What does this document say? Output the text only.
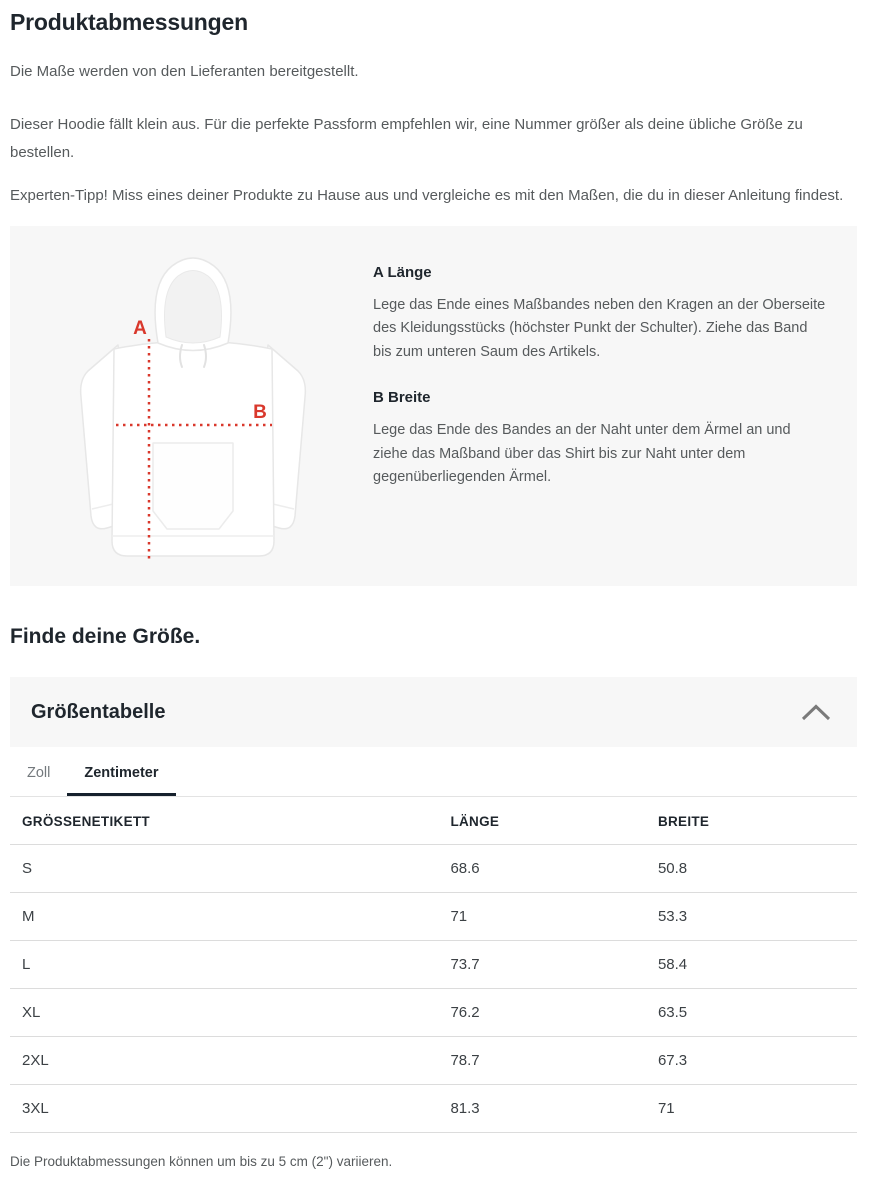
Produktabmessungen

Die Maße werden von den Lieferanten bereitgestellt.

Dieser Hoodie fällt klein aus. Für die perfekte Passform empfehlen wir, eine Nummer größer als deine übliche Größe zu bestellen.

Experten-Tipp! Miss eines deiner Produkte zu Hause aus und vergleiche es mit den Maßen, die du in dieser Anleitung findest.

A
B
A Länge

Lege das Ende eines Maßbandes neben den Kragen an der Oberseite des Kleidungsstücks (höchster Punkt der Schulter). Ziehe das Band bis zum unteren Saum des Artikels.

B Breite

Lege das Ende des Bandes an der Naht unter dem Ärmel an und ziehe das Maßband über das Shirt bis zur Naht unter dem gegenüberliegenden Ärmel.

Finde deine Größe.
Größentabelle
Zoll	Zentimeter
GRÖSSENETIKETT	LÄNGE	BREITE
S	68.6	50.8
M	71	53.3
L	73.7	58.4
XL	76.2	63.5
2XL	78.7	67.3
3XL	81.3	71

Die Produktabmessungen können um bis zu 5 cm (2") variieren.
